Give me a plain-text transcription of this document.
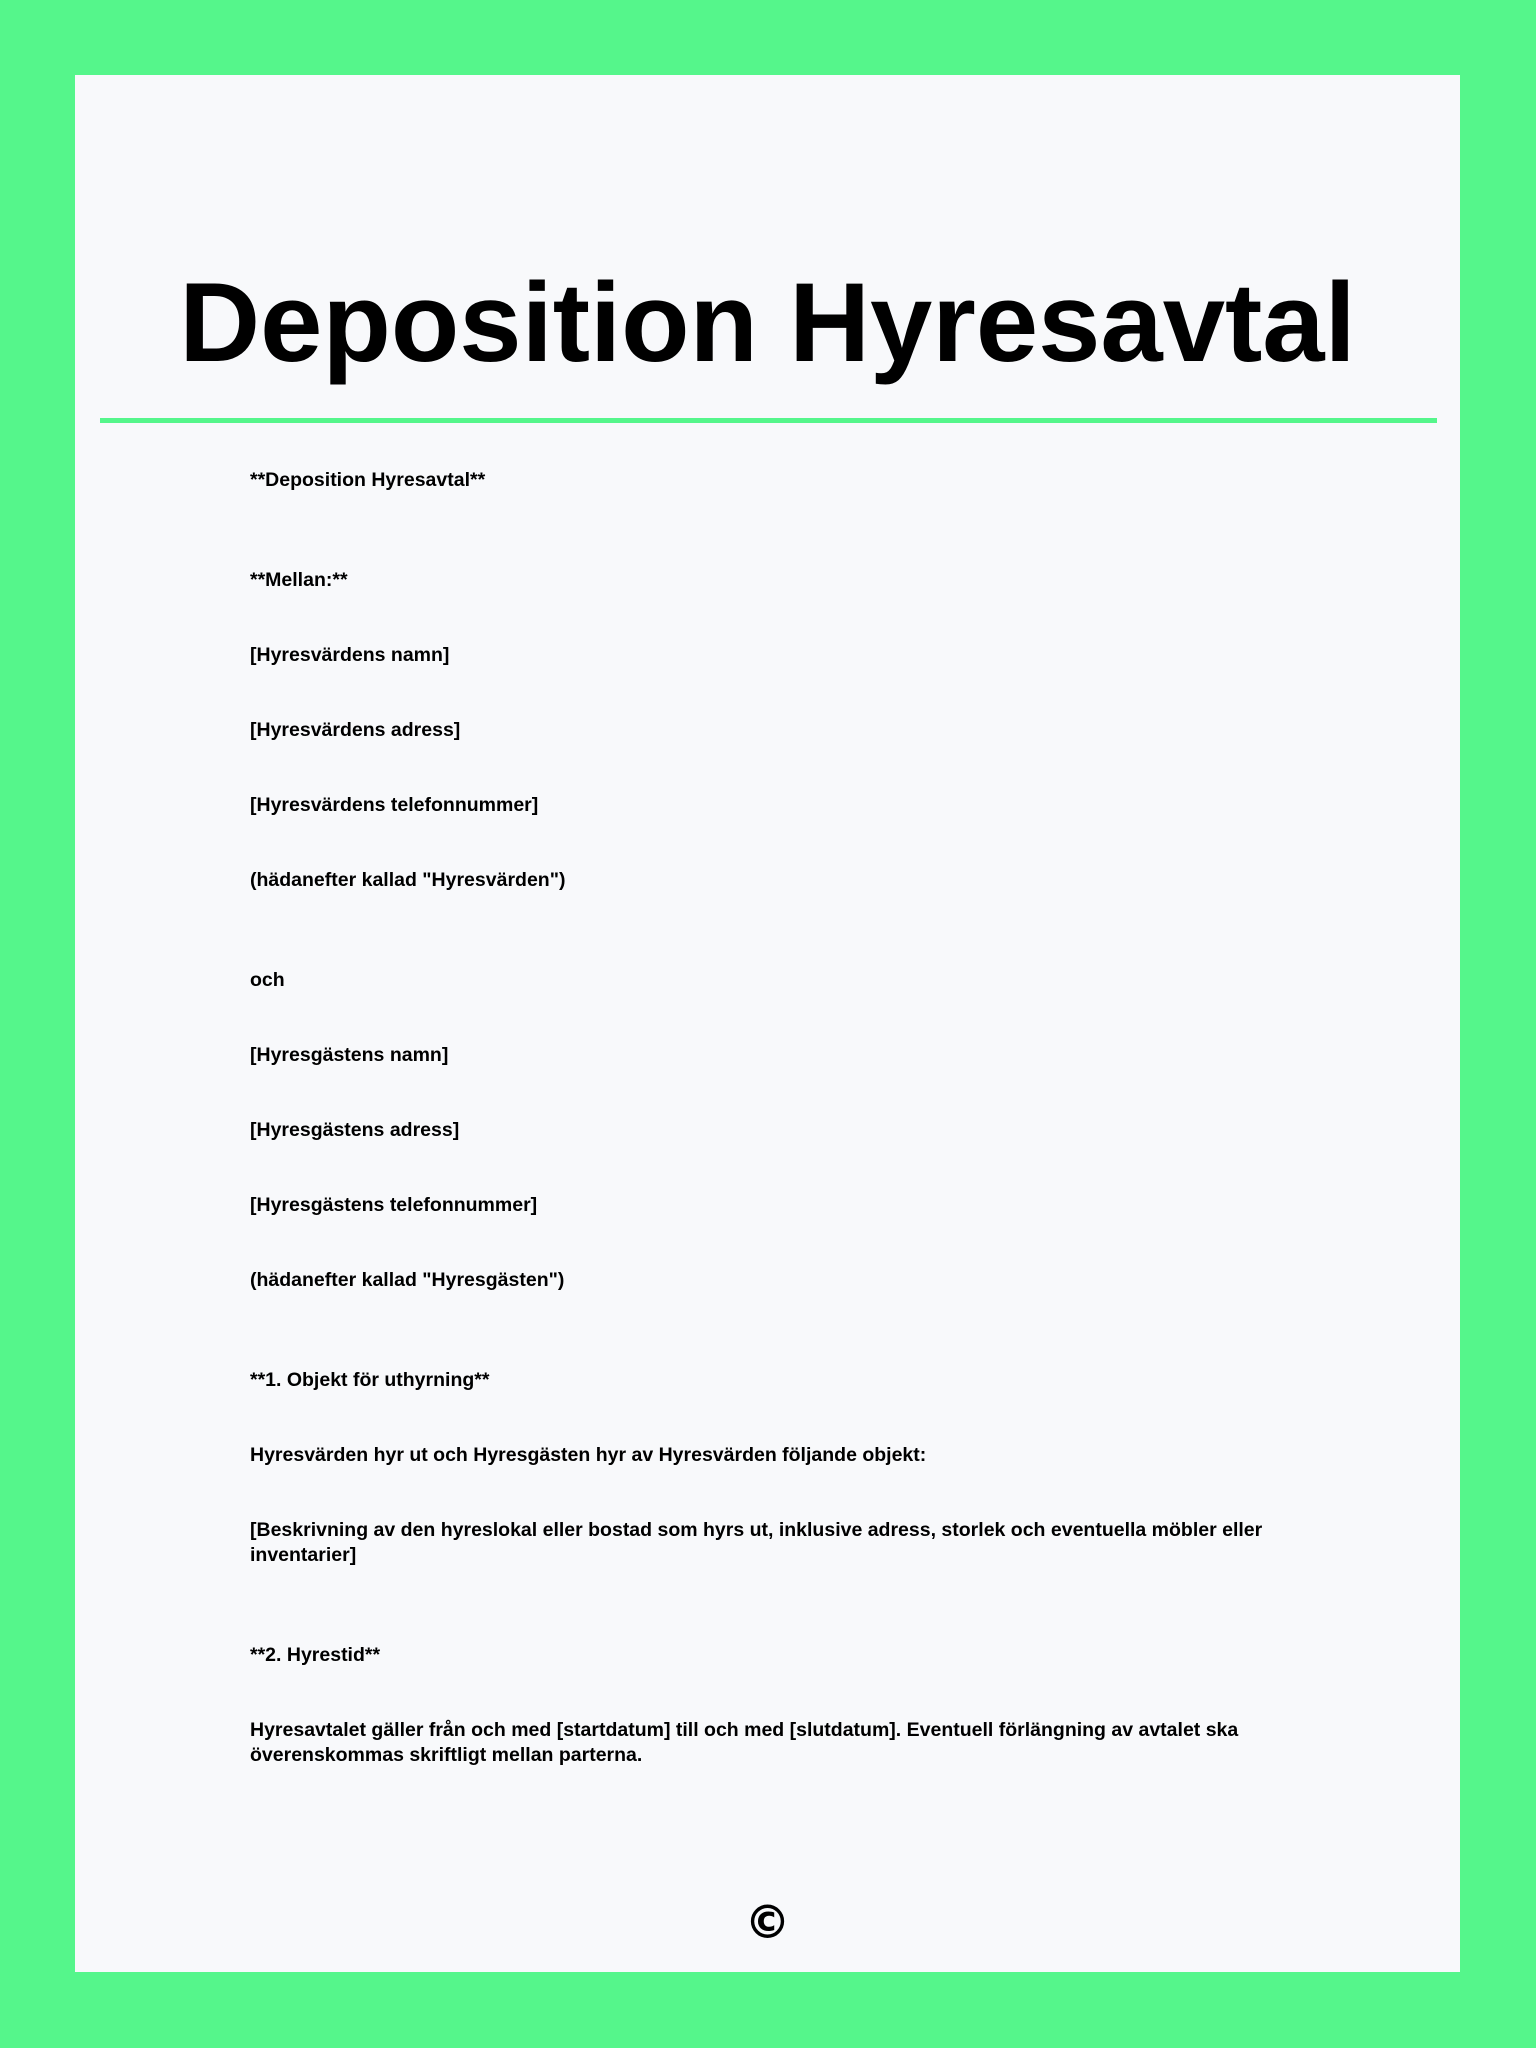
Deposition Hyresavtal

**Deposition Hyresavtal**

**Mellan:**

[Hyresvärdens namn]

[Hyresvärdens adress]

[Hyresvärdens telefonnummer]

(hädanefter kallad "Hyresvärden")

och

[Hyresgästens namn]

[Hyresgästens adress]

[Hyresgästens telefonnummer]

(hädanefter kallad "Hyresgästen")

**1. Objekt för uthyrning**

Hyresvärden hyr ut och Hyresgästen hyr av Hyresvärden följande objekt:

[Beskrivning av den hyreslokal eller bostad som hyrs ut, inklusive adress, storlek och eventuella möbler eller inventarier]

**2. Hyrestid**

Hyresavtalet gäller från och med [startdatum] till och med [slutdatum]. Eventuell förlängning av avtalet ska överenskommas skriftligt mellan parterna.

©
